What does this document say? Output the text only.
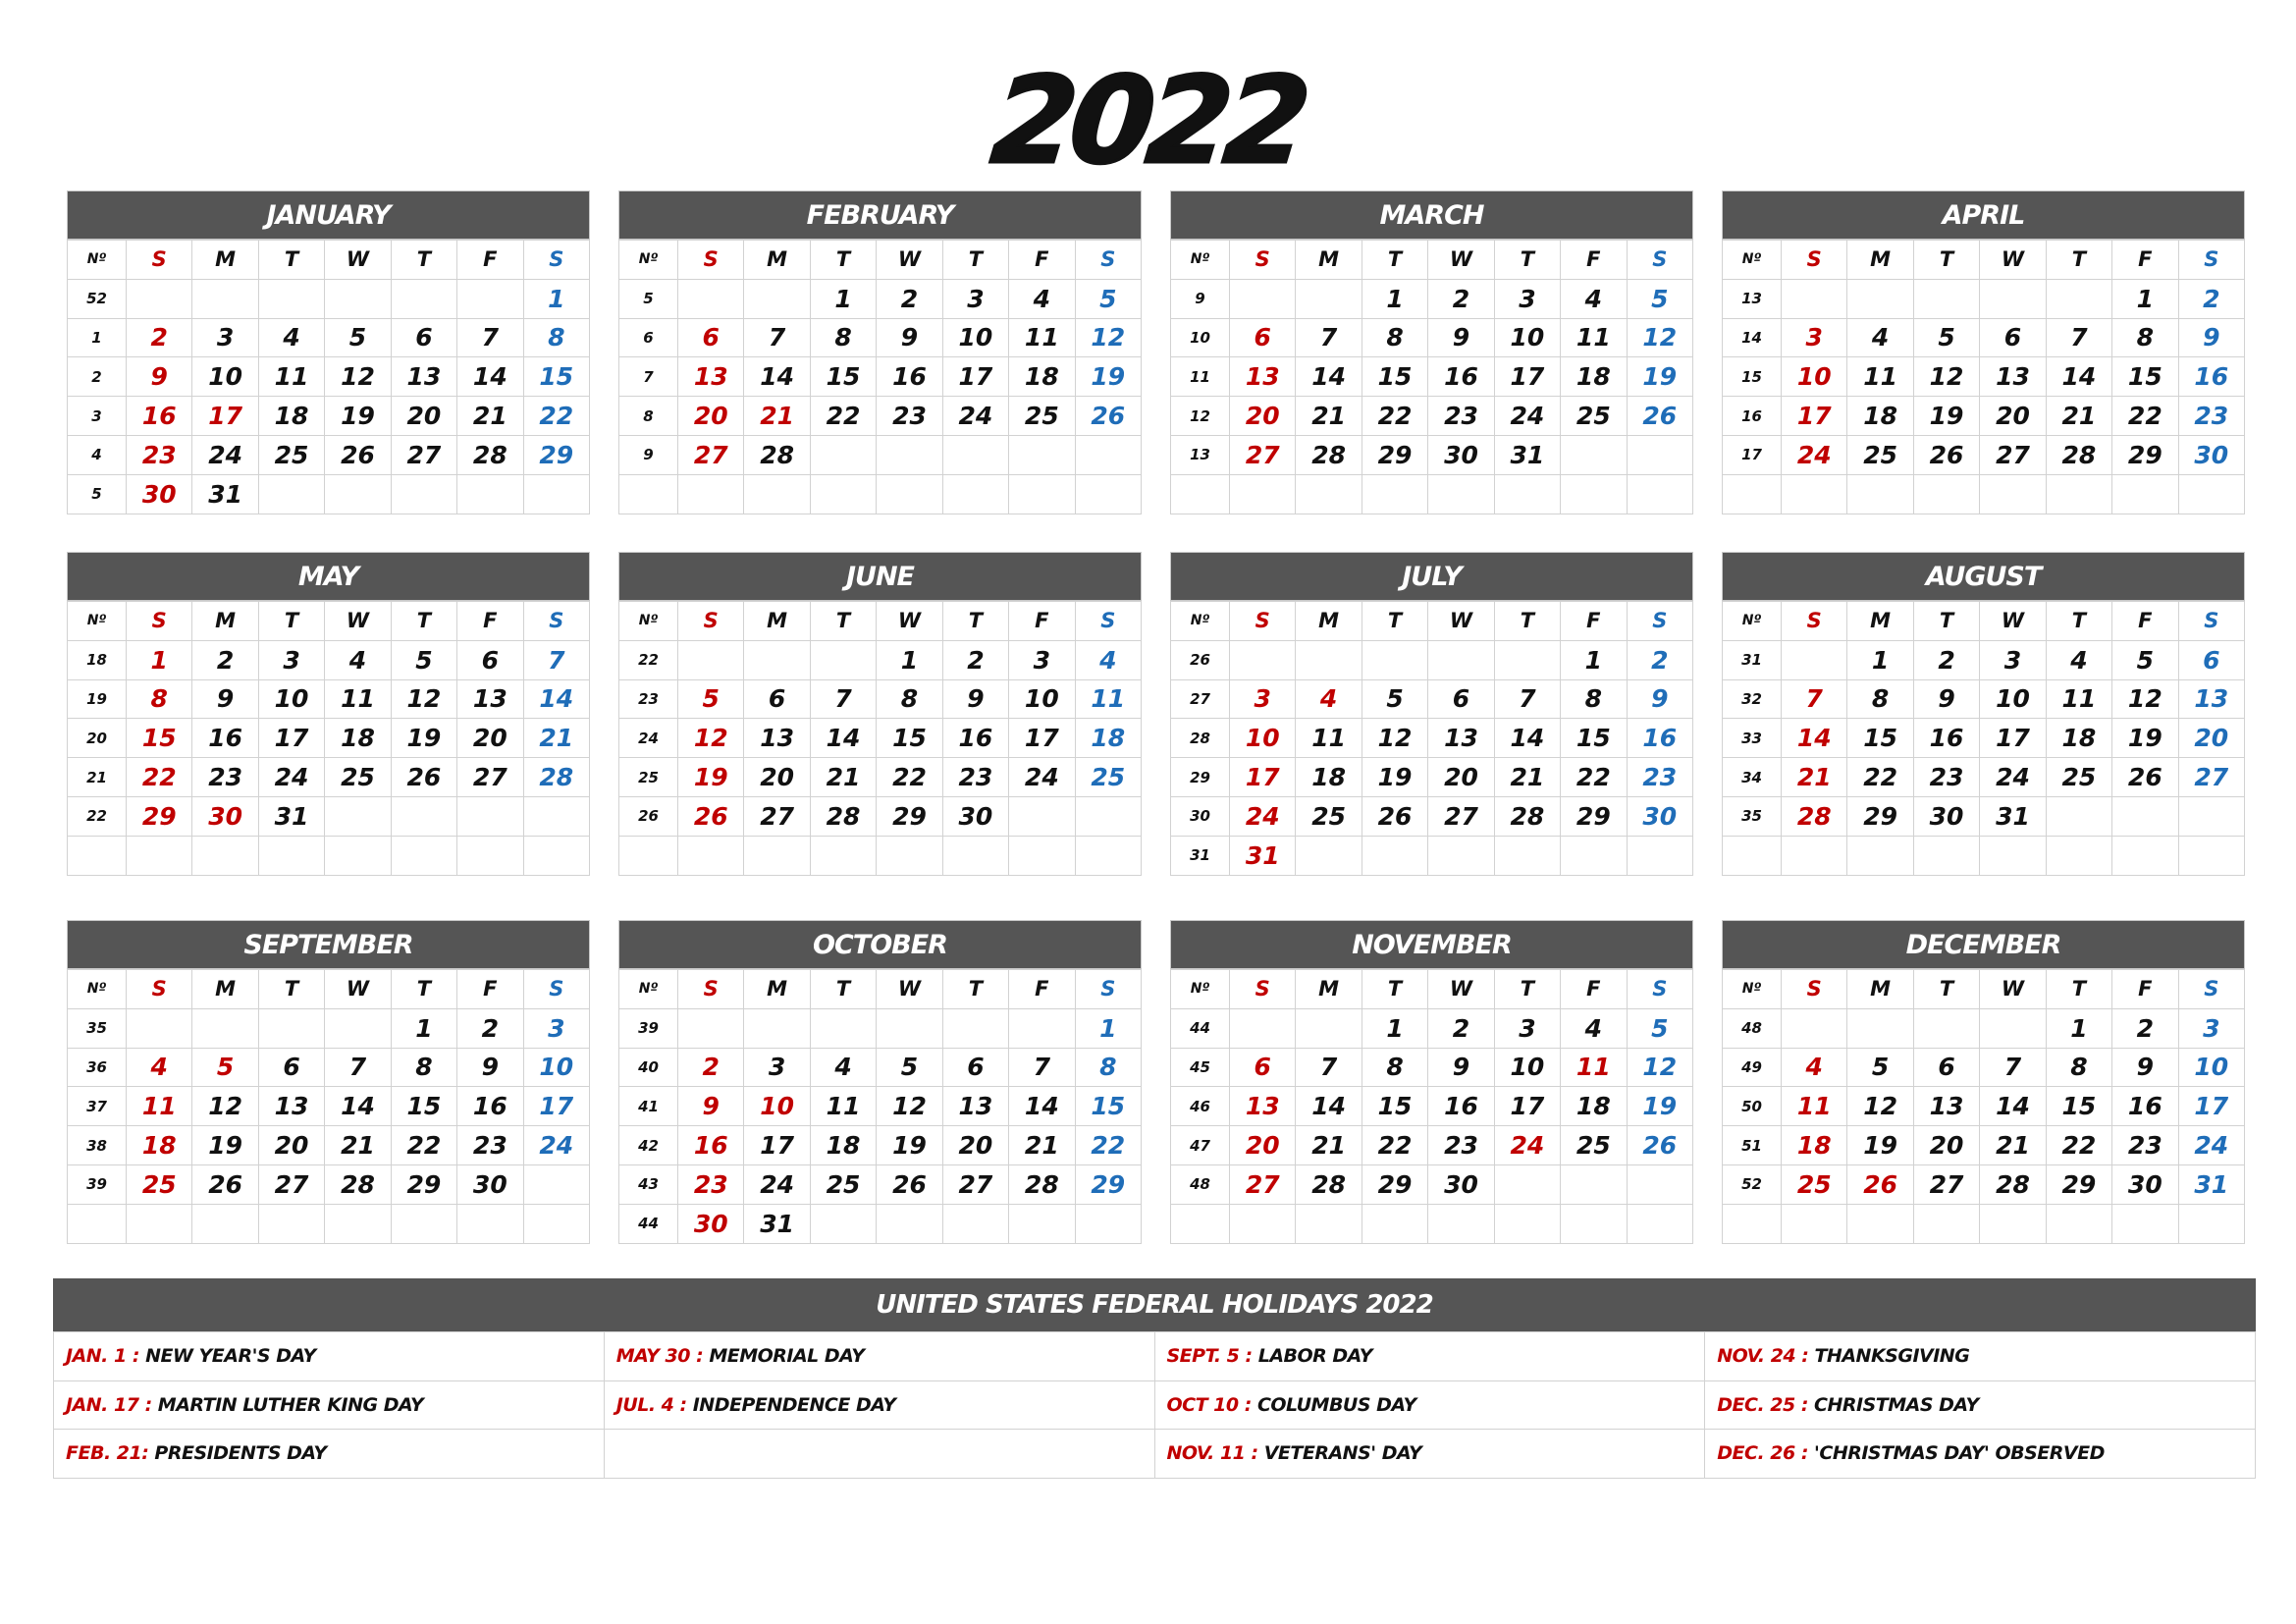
2022
JANUARY
Nº	S	M	T	W	T	F	S
52							1
1	2	3	4	5	6	7	8
2	9	10	11	12	13	14	15
3	16	17	18	19	20	21	22
4	23	24	25	26	27	28	29
5	30	31					
FEBRUARY
Nº	S	M	T	W	T	F	S
5			1	2	3	4	5
6	6	7	8	9	10	11	12
7	13	14	15	16	17	18	19
8	20	21	22	23	24	25	26
9	27	28					

MARCH
Nº	S	M	T	W	T	F	S
9			1	2	3	4	5
10	6	7	8	9	10	11	12
11	13	14	15	16	17	18	19
12	20	21	22	23	24	25	26
13	27	28	29	30	31		

APRIL
Nº	S	M	T	W	T	F	S
13						1	2
14	3	4	5	6	7	8	9
15	10	11	12	13	14	15	16
16	17	18	19	20	21	22	23
17	24	25	26	27	28	29	30

MAY
Nº	S	M	T	W	T	F	S
18	1	2	3	4	5	6	7
19	8	9	10	11	12	13	14
20	15	16	17	18	19	20	21
21	22	23	24	25	26	27	28
22	29	30	31				

JUNE
Nº	S	M	T	W	T	F	S
22				1	2	3	4
23	5	6	7	8	9	10	11
24	12	13	14	15	16	17	18
25	19	20	21	22	23	24	25
26	26	27	28	29	30		

JULY
Nº	S	M	T	W	T	F	S
26						1	2
27	3	4	5	6	7	8	9
28	10	11	12	13	14	15	16
29	17	18	19	20	21	22	23
30	24	25	26	27	28	29	30
31	31						
AUGUST
Nº	S	M	T	W	T	F	S
31		1	2	3	4	5	6
32	7	8	9	10	11	12	13
33	14	15	16	17	18	19	20
34	21	22	23	24	25	26	27
35	28	29	30	31			

SEPTEMBER
Nº	S	M	T	W	T	F	S
35					1	2	3
36	4	5	6	7	8	9	10
37	11	12	13	14	15	16	17
38	18	19	20	21	22	23	24
39	25	26	27	28	29	30	

OCTOBER
Nº	S	M	T	W	T	F	S
39							1
40	2	3	4	5	6	7	8
41	9	10	11	12	13	14	15
42	16	17	18	19	20	21	22
43	23	24	25	26	27	28	29
44	30	31					
NOVEMBER
Nº	S	M	T	W	T	F	S
44			1	2	3	4	5
45	6	7	8	9	10	11	12
46	13	14	15	16	17	18	19
47	20	21	22	23	24	25	26
48	27	28	29	30			

DECEMBER
Nº	S	M	T	W	T	F	S
48					1	2	3
49	4	5	6	7	8	9	10
50	11	12	13	14	15	16	17
51	18	19	20	21	22	23	24
52	25	26	27	28	29	30	31

UNITED STATES FEDERAL HOLIDAYS 2022
JAN. 1 : NEW YEAR'S DAY	MAY 30 : MEMORIAL DAY	SEPT. 5 : LABOR DAY	NOV. 24 : THANKSGIVING
JAN. 17 : MARTIN LUTHER KING DAY	JUL. 4 : INDEPENDENCE DAY	OCT 10 : COLUMBUS DAY	DEC. 25 : CHRISTMAS DAY
FEB. 21: PRESIDENTS DAY		NOV. 11 : VETERANS' DAY	DEC. 26 : 'CHRISTMAS DAY' OBSERVED
